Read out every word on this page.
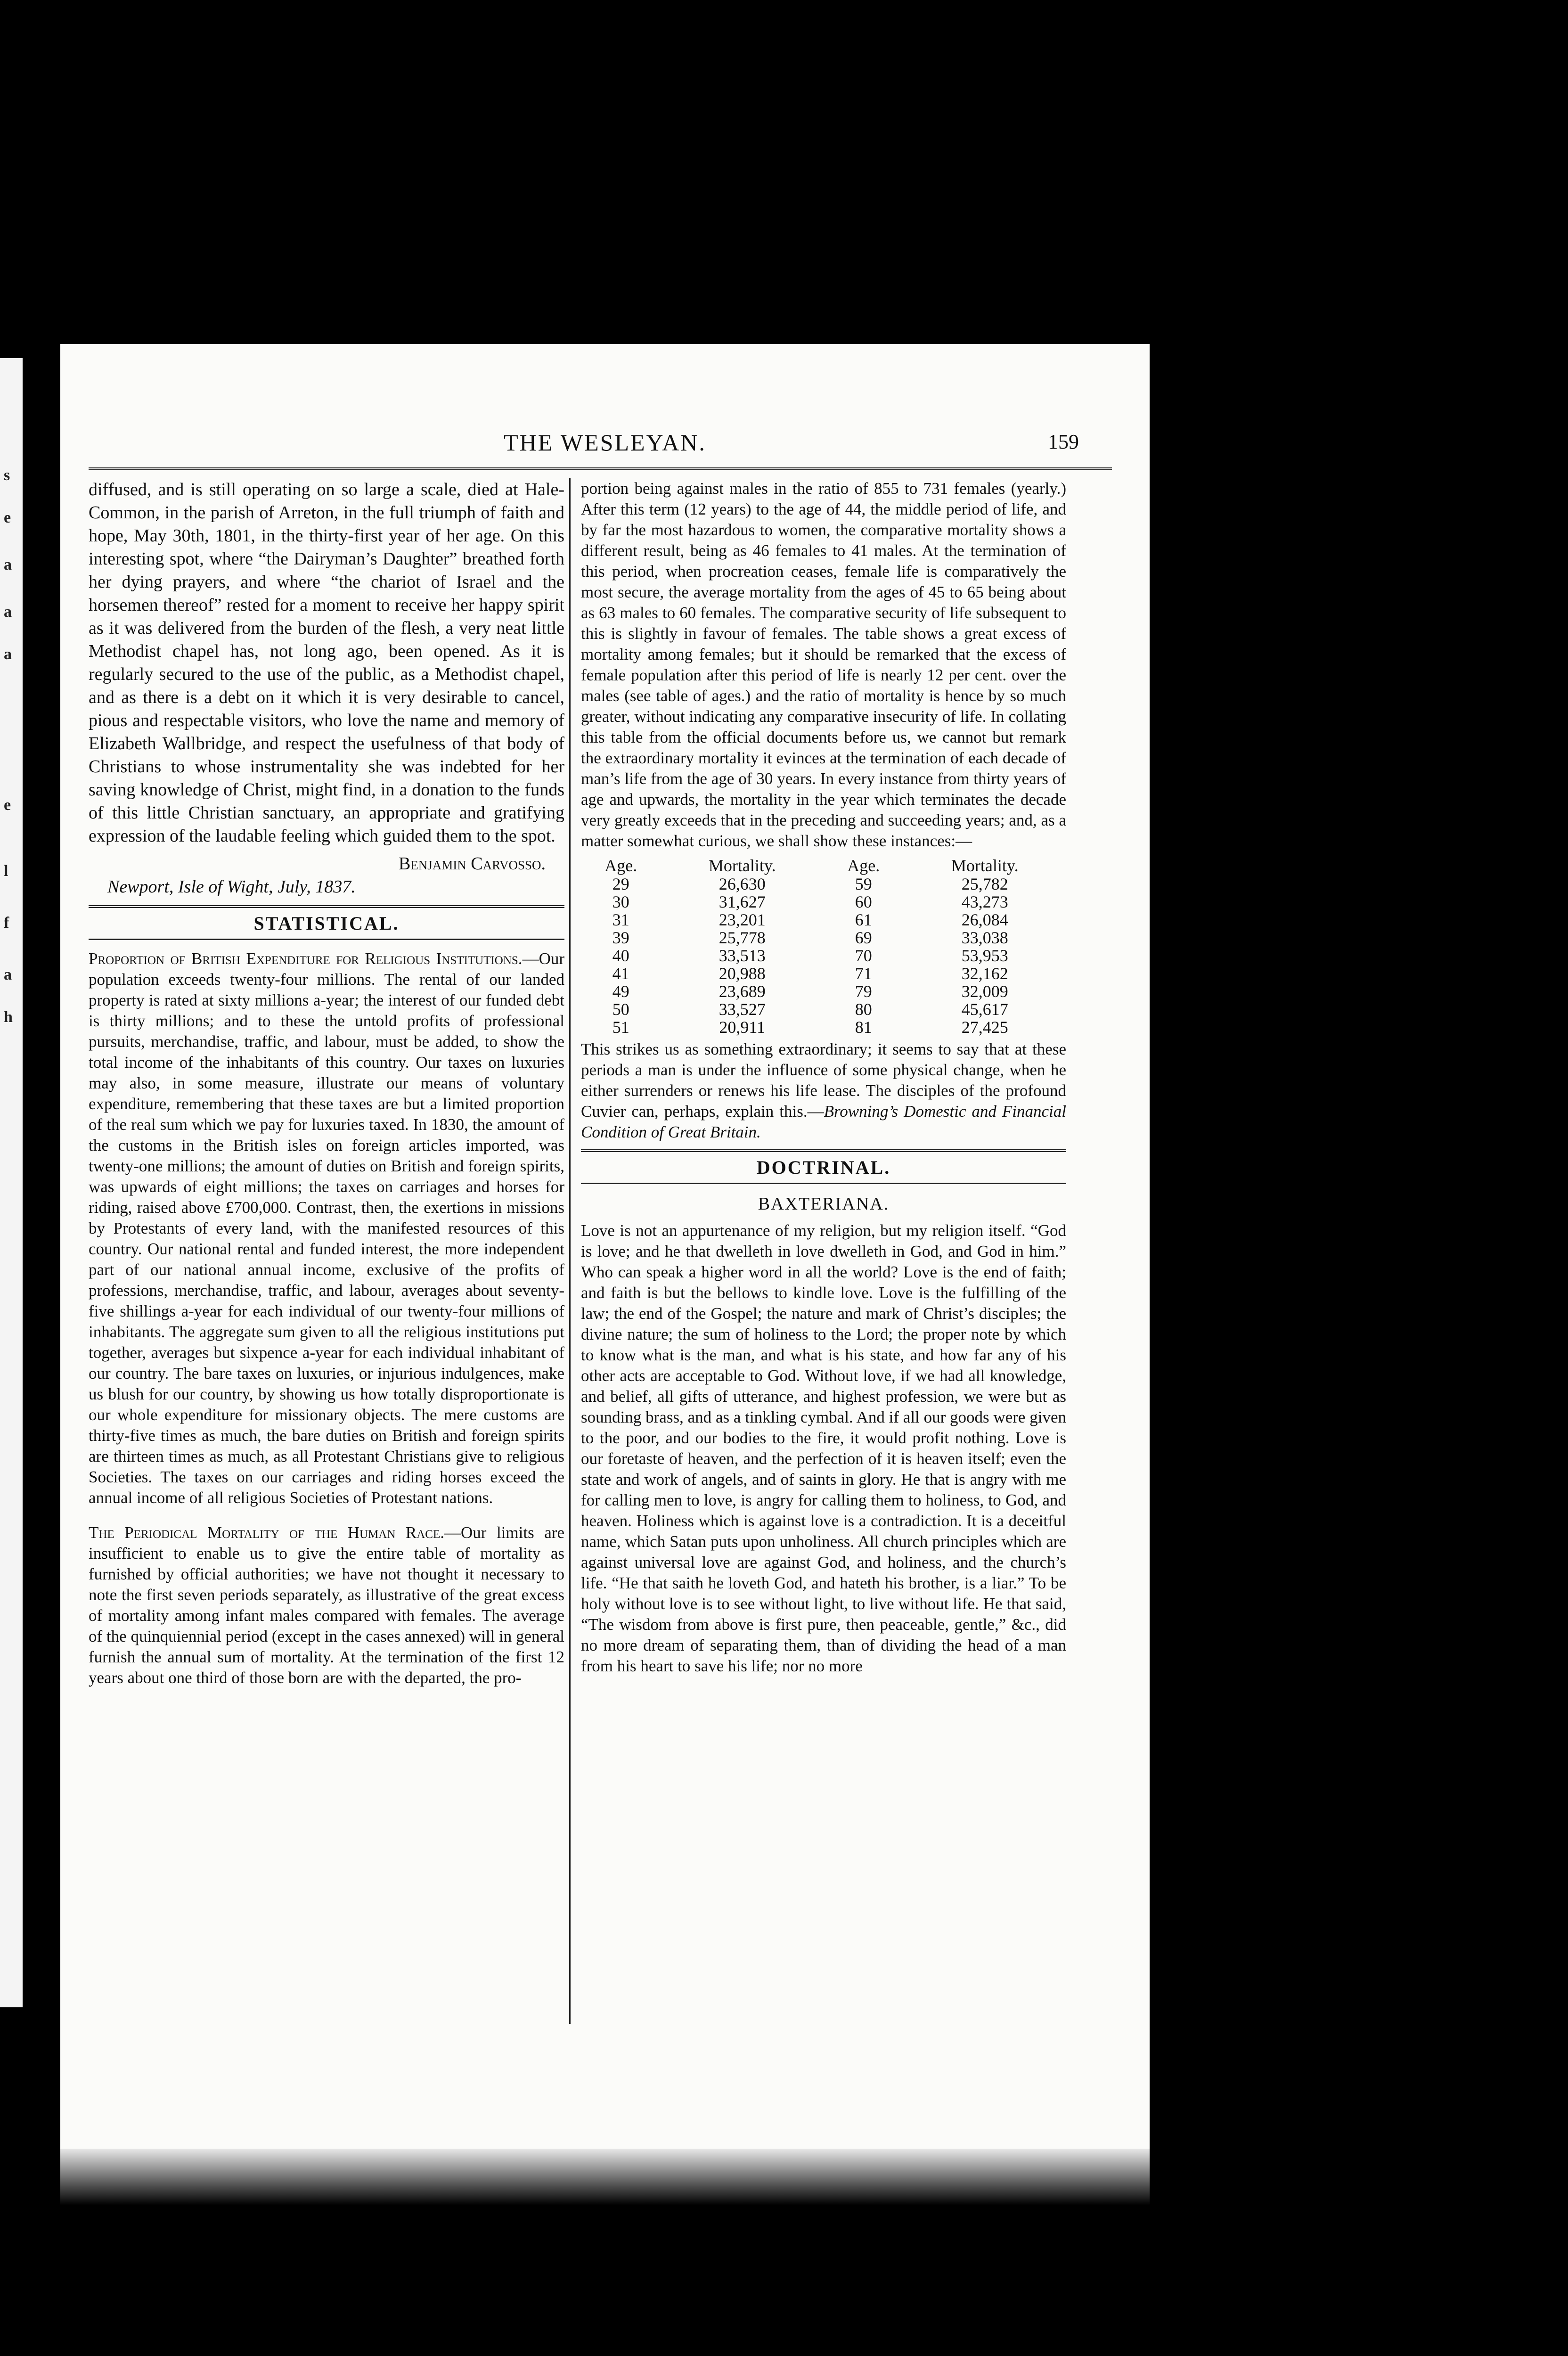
s
e
a
a
a
e
l
f
a
h
THE WESLEYAN.	159

diffused, and is still operating on so large a scale, died at Hale-Common, in the parish of Arreton, in the full triumph of faith and hope, May 30th, 1801, in the thirty-first year of her age. On this interesting spot, where “the Dairyman’s Daughter” breathed forth her dying prayers, and where “the chariot of Israel and the horsemen thereof” rested for a moment to receive her happy spirit as it was delivered from the burden of the flesh, a very neat little Methodist chapel has, not long ago, been opened. As it is regularly secured to the use of the public, as a Methodist chapel, and as there is a debt on it which it is very desirable to cancel, pious and respectable visitors, who love the name and memory of Elizabeth Wallbridge, and respect the usefulness of that body of Christians to whose instrumentality she was indebted for her saving knowledge of Christ, might find, in a donation to the funds of this little Christian sanctuary, an appropriate and gratifying expression of the laudable feeling which guided them to the spot.

Benjamin Carvosso.

Newport, Isle of Wight, July, 1837.

STATISTICAL.

Proportion of British Expenditure for Religious Institutions.—Our population exceeds twenty-four millions. The rental of our landed property is rated at sixty millions a-year; the interest of our funded debt is thirty millions; and to these the untold profits of professional pursuits, merchandise, traffic, and labour, must be added, to show the total income of the inhabitants of this country. Our taxes on luxuries may also, in some measure, illustrate our means of voluntary expenditure, remembering that these taxes are but a limited proportion of the real sum which we pay for luxuries taxed. In 1830, the amount of the customs in the British isles on foreign articles imported, was twenty-one millions; the amount of duties on British and foreign spirits, was upwards of eight millions; the taxes on carriages and horses for riding, raised above £700,000. Contrast, then, the exertions in missions by Protestants of every land, with the manifested resources of this country. Our national rental and funded interest, the more independent part of our national annual income, exclusive of the profits of professions, merchandise, traffic, and labour, averages about seventy-five shillings a-year for each individual of our twenty-four millions of inhabitants. The aggregate sum given to all the religious institutions put together, averages but sixpence a-year for each individual inhabitant of our country. The bare taxes on luxuries, or injurious indulgences, make us blush for our country, by showing us how totally disproportionate is our whole expenditure for missionary objects. The mere customs are thirty-five times as much, the bare duties on British and foreign spirits are thirteen times as much, as all Protestant Christians give to religious Societies. The taxes on our carriages and riding horses exceed the annual income of all religious Societies of Protestant nations.

The Periodical Mortality of the Human Race.—Our limits are insufficient to enable us to give the entire table of mortality as furnished by official authorities; we have not thought it necessary to note the first seven periods separately, as illustrative of the great excess of mortality among infant males compared with females. The average of the quinquiennial period (except in the cases annexed) will in general furnish the annual sum of mortality. At the termination of the first 12 years about one third of those born are with the departed, the pro-

portion being against males in the ratio of 855 to 731 females (yearly.) After this term (12 years) to the age of 44, the middle period of life, and by far the most hazardous to women, the comparative mortality shows a different result, being as 46 females to 41 males. At the termination of this period, when procreation ceases, female life is comparatively the most secure, the average mortality from the ages of 45 to 65 being about as 63 males to 60 females. The comparative security of life subsequent to this is slightly in favour of females. The table shows a great excess of mortality among females; but it should be remarked that the excess of female population after this period of life is nearly 12 per cent. over the males (see table of ages.) and the ratio of mortality is hence by so much greater, without indicating any comparative insecurity of life. In collating this table from the official documents before us, we cannot but remark the extraordinary mortality it evinces at the termination of each decade of man’s life from the age of 30 years. In every instance from thirty years of age and upwards, the mortality in the year which terminates the decade very greatly exceeds that in the preceding and succeeding years; and, as a matter somewhat curious, we shall show these instances:—

Age.	Mortality.	Age.	Mortality.
29	26,630	59	25,782
30	31,627	60	43,273
31	23,201	61	26,084
39	25,778	69	33,038
40	33,513	70	53,953
41	20,988	71	32,162
49	23,689	79	32,009
50	33,527	80	45,617
51	20,911	81	27,425

This strikes us as something extraordinary; it seems to say that at these periods a man is under the influence of some physical change, when he either surrenders or renews his life lease. The disciples of the profound Cuvier can, perhaps, explain this.—Browning’s Domestic and Financial Condition of Great Britain.

DOCTRINAL.
BAXTERIANA.

Love is not an appurtenance of my religion, but my religion itself. “God is love; and he that dwelleth in love dwelleth in God, and God in him.” Who can speak a higher word in all the world? Love is the end of faith; and faith is but the bellows to kindle love. Love is the fulfilling of the law; the end of the Gospel; the nature and mark of Christ’s disciples; the divine nature; the sum of holiness to the Lord; the proper note by which to know what is the man, and what is his state, and how far any of his other acts are acceptable to God. Without love, if we had all knowledge, and belief, all gifts of utterance, and highest profession, we were but as sounding brass, and as a tinkling cymbal. And if all our goods were given to the poor, and our bodies to the fire, it would profit nothing. Love is our foretaste of heaven, and the perfection of it is heaven itself; even the state and work of angels, and of saints in glory. He that is angry with me for calling men to love, is angry for calling them to holiness, to God, and heaven. Holiness which is against love is a contradiction. It is a deceitful name, which Satan puts upon unholiness. All church principles which are against universal love are against God, and holiness, and the church’s life. “He that saith he loveth God, and hateth his brother, is a liar.” To be holy without love is to see without light, to live without life. He that said, “The wisdom from above is first pure, then peaceable, gentle,” &c., did no more dream of separating them, than of dividing the head of a man from his heart to save his life; nor no more
